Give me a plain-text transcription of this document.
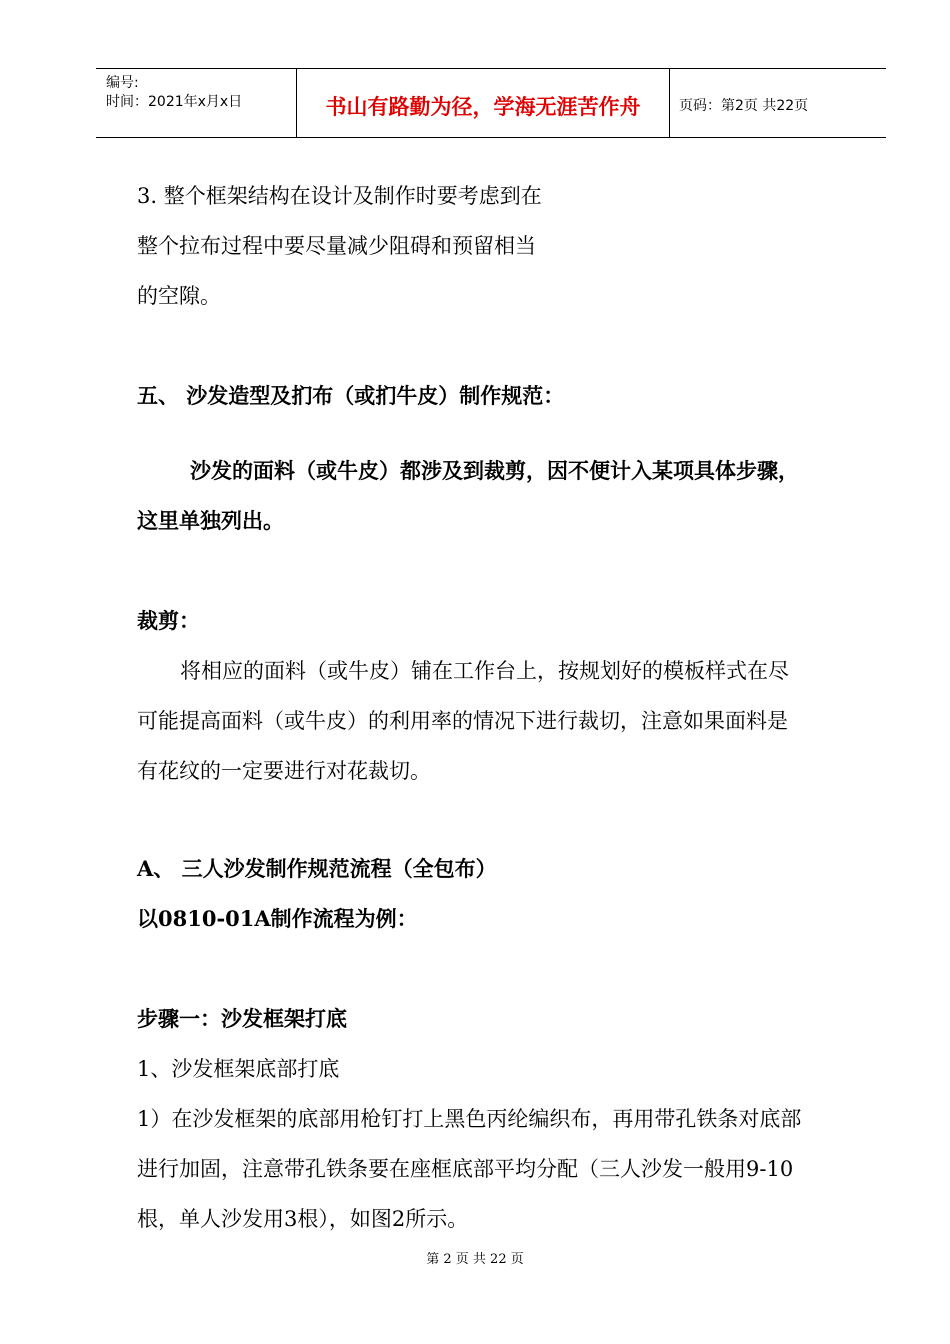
编号:
时间：2021年x月x日	书山有路勤为径，学海无涯苦作舟	页码：第2页 共22页
3. 整个框架结构在设计及制作时要考虑到在
整个拉布过程中要尽量减少阻碍和预留相当
的空隙。
五、 沙发造型及扪布（或扪牛皮）制作规范：
沙发的面料（或牛皮）都涉及到裁剪，因不便计入某项具体步骤，
这里单独列出。
裁剪：
将相应的面料（或牛皮）铺在工作台上，按规划好的模板样式在尽
可能提高面料（或牛皮）的利用率的情况下进行裁切，注意如果面料是
有花纹的一定要进行对花裁切。
A、 三人沙发制作规范流程（全包布）
以0810-01A制作流程为例：
步骤一：沙发框架打底
1、沙发框架底部打底
1）在沙发框架的底部用枪钉打上黑色丙纶编织布，再用带孔铁条对底部
进行加固，注意带孔铁条要在座框底部平均分配（三人沙发一般用9-10
根，单人沙发用3根），如图2所示。
第 2 页 共 22 页
